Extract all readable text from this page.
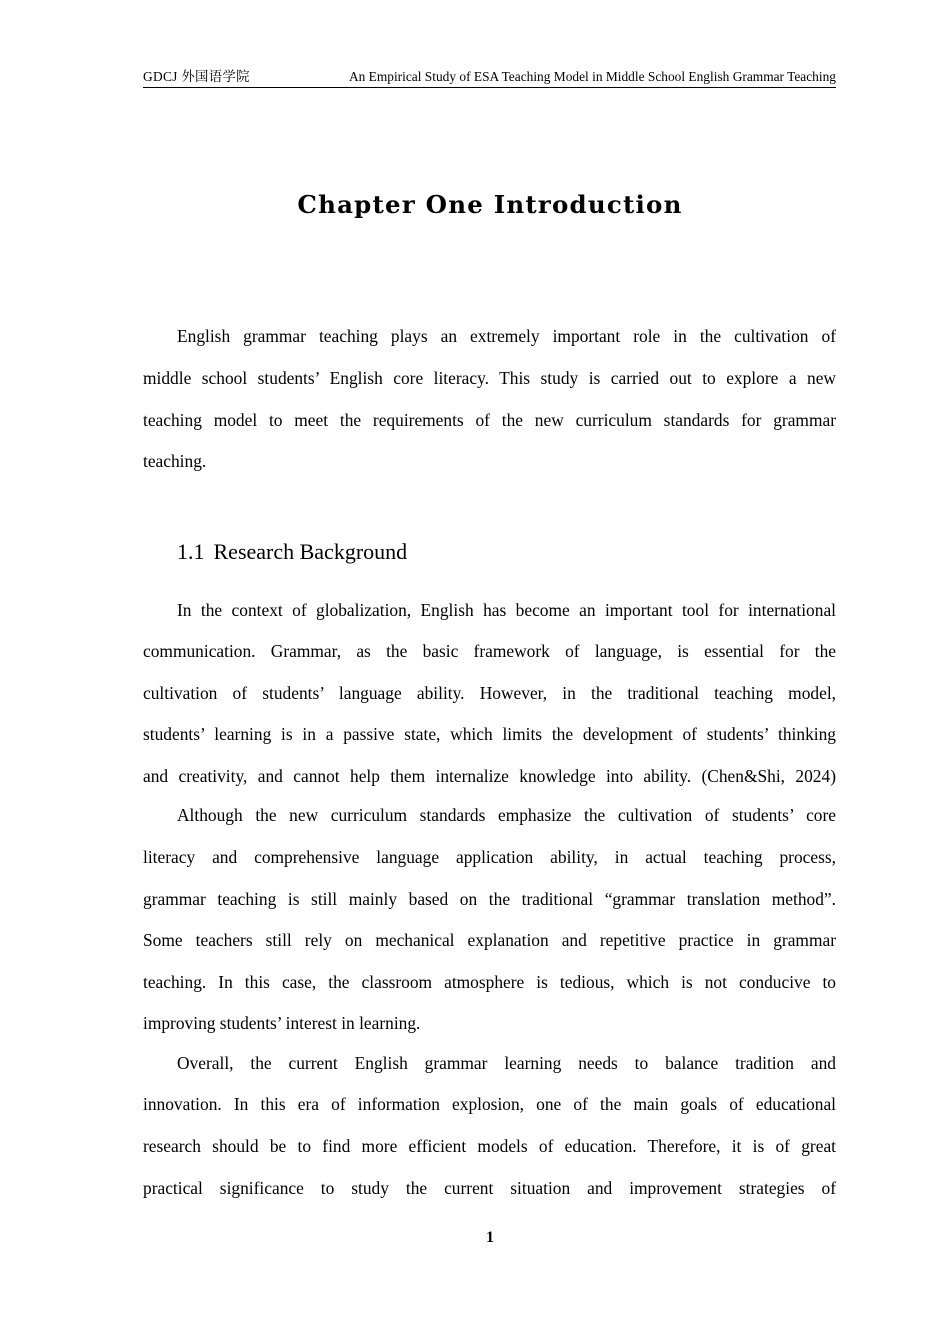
GDCJ 外国语学院	An Empirical Study of ESA Teaching Model in Middle School English Grammar Teaching
Chapter One Introduction
English grammar teaching plays an extremely important role in the cultivation of
middle school students’ English core literacy. This study is carried out to explore a new
teaching model to meet the requirements of the new curriculum standards for grammar
teaching.
1.1 Research Background
In the context of globalization, English has become an important tool for international
communication. Grammar, as the basic framework of language, is essential for the
cultivation of students’ language ability. However, in the traditional teaching model,
students’ learning is in a passive state, which limits the development of students’ thinking
and creativity, and cannot help them internalize knowledge into ability. (Chen&Shi, 2024)
Although the new curriculum standards emphasize the cultivation of students’ core
literacy and comprehensive language application ability, in actual teaching process,
grammar teaching is still mainly based on the traditional “grammar translation method”.
Some teachers still rely on mechanical explanation and repetitive practice in grammar
teaching. In this case, the classroom atmosphere is tedious, which is not conducive to
improving students’ interest in learning.
Overall, the current English grammar learning needs to balance tradition and
innovation. In this era of information explosion, one of the main goals of educational
research should be to find more efficient models of education. Therefore, it is of great
practical significance to study the current situation and improvement strategies of
1
